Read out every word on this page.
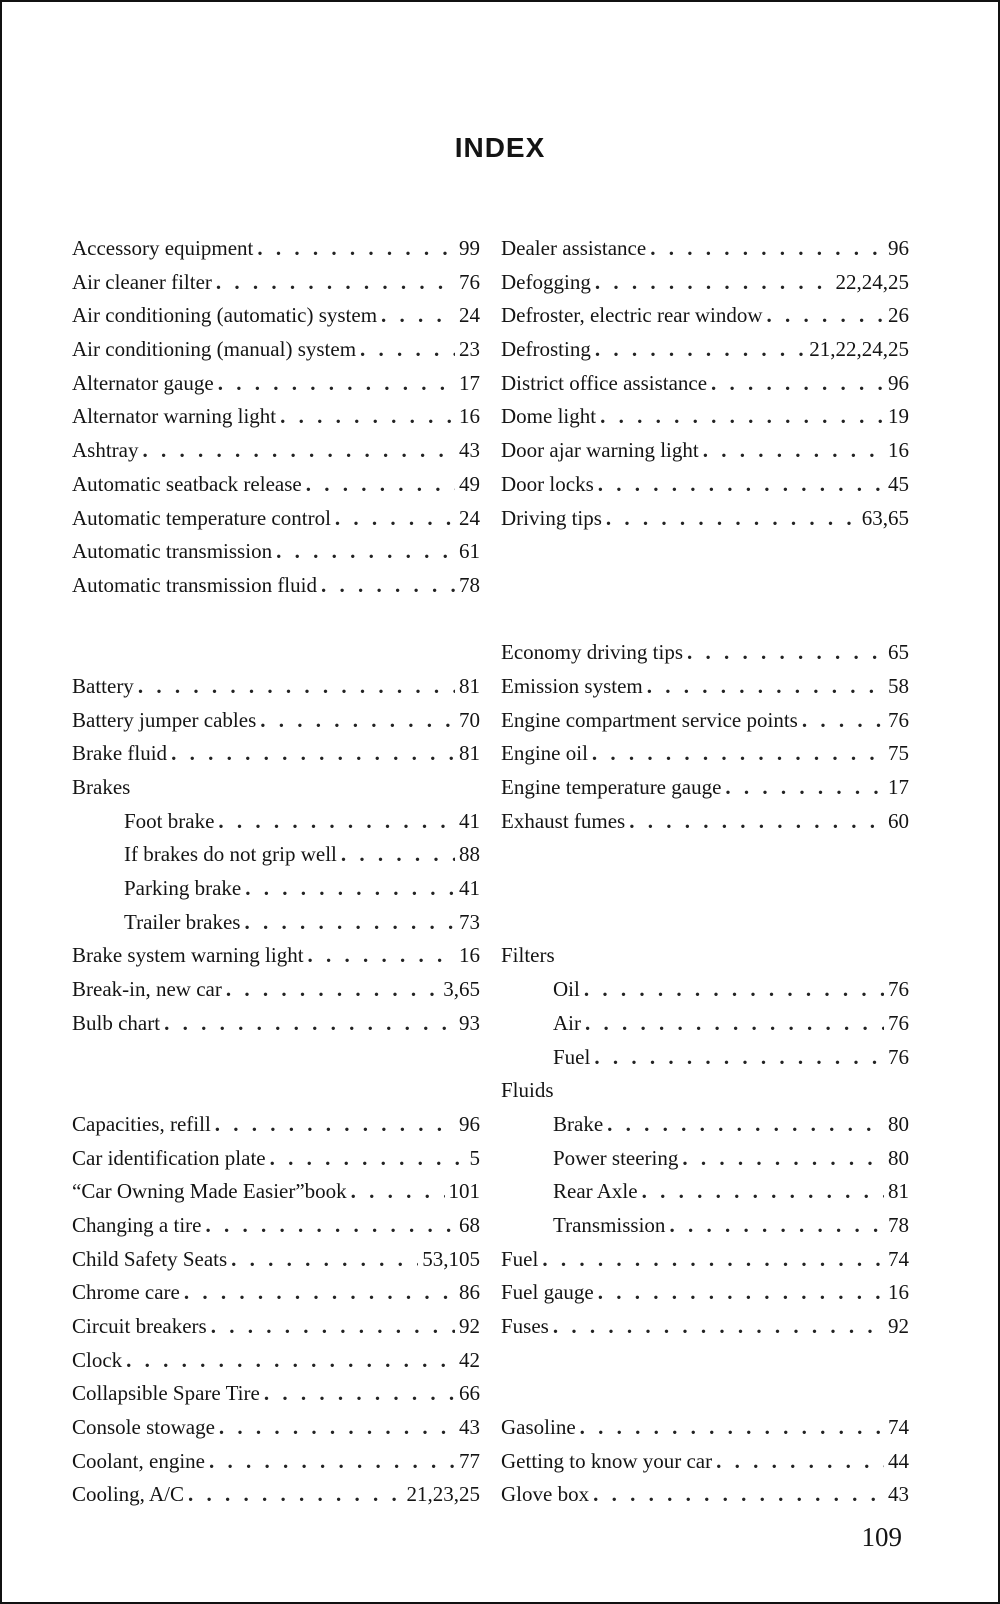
INDEX
Accessory equipment . . .	99
Air cleaner filter . . .	76
Air conditioning (automatic) system . . .	24
Air conditioning (manual) system . . .	23
Alternator gauge . . .	17
Alternator warning light . . .	16
Ashtray . . .	43
Automatic seatback release . . .	49
Automatic temperature control . . .	24
Automatic transmission . . .	61
Automatic transmission fluid . . .	78
Battery . . .	81
Battery jumper cables . . .	70
Brake fluid . . .	81
Brakes
Foot brake . . .	41
If brakes do not grip well . . .	88
Parking brake . . .	41
Trailer brakes . . .	73
Brake system warning light . . .	16
Break-in, new car . . .	3,65
Bulb chart . . .	93
Capacities, refill . . .	96
Car identification plate . . .	5
“Car Owning Made Easier”book . . .	101
Changing a tire . . .	68
Child Safety Seats . . .	53,105
Chrome care . . .	86
Circuit breakers . . .	92
Clock . . .	42
Collapsible Spare Tire . . .	66
Console stowage . . .	43
Coolant, engine . . .	77
Cooling, A/C . . .	21,23,25
Dealer assistance . . .	96
Defogging . . .	22,24,25
Defroster, electric rear window . . .	26
Defrosting . . .	21,22,24,25
District office assistance . . .	96
Dome light . . .	19
Door ajar warning light . . .	16
Door locks . . .	45
Driving tips . . .	63,65
Economy driving tips . . .	65
Emission system . . .	58
Engine compartment service points . . .	76
Engine oil . . .	75
Engine temperature gauge . . .	17
Exhaust fumes . . .	60
Filters
Oil . . .	76
Air . . .	76
Fuel . . .	76
Fluids
Brake . . .	80
Power steering . . .	80
Rear Axle . . .	81
Transmission . . .	78
Fuel . . .	74
Fuel gauge . . .	16
Fuses . . .	92
Gasoline . . .	74
Getting to know your car . . .	44
Glove box . . .	43
109
